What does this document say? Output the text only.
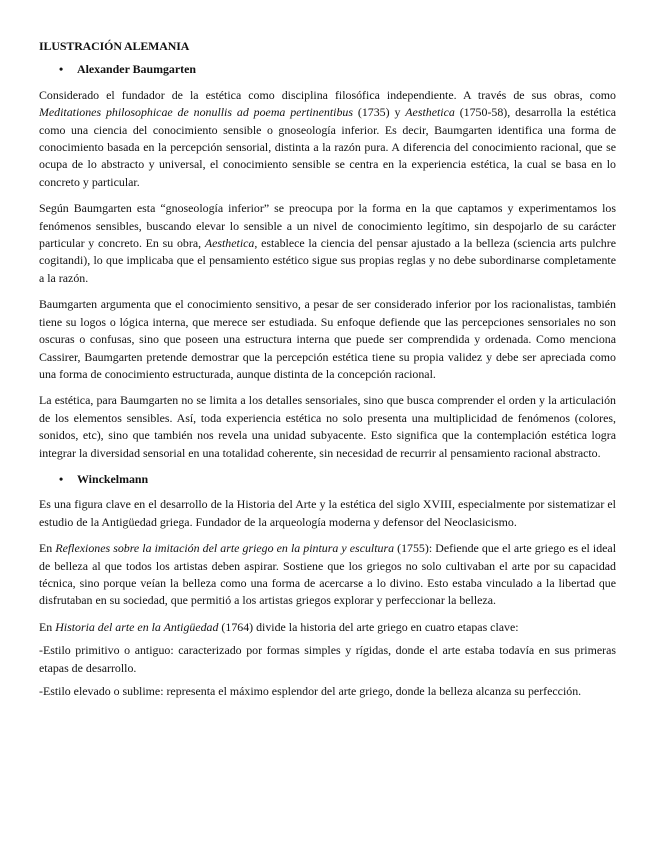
ILUSTRACIÓN ALEMANIA
•	Alexander Baumgarten

Considerado el fundador de la estética como disciplina filosófica independiente. A través de sus obras, como Meditationes philosophicae de nonullis ad poema pertinentibus (1735) y Aesthetica (1750-58), desarrolla la estética como una ciencia del conocimiento sensible o gnoseología inferior. Es decir, Baumgarten identifica una forma de conocimiento basada en la percepción sensorial, distinta a la razón pura. A diferencia del conocimiento racional, que se ocupa de lo abstracto y universal, el conocimiento sensible se centra en la experiencia estética, la cual se basa en lo concreto y particular.

Según Baumgarten esta “gnoseología inferior” se preocupa por la forma en la que captamos y experimentamos los fenómenos sensibles, buscando elevar lo sensible a un nivel de conocimiento legítimo, sin despojarlo de su carácter particular y concreto. En su obra, Aesthetica, establece la ciencia del pensar ajustado a la belleza (sciencia arts pulchre cogitandi), lo que implicaba que el pensamiento estético sigue sus propias reglas y no debe subordinarse completamente a la razón.

Baumgarten argumenta que el conocimiento sensitivo, a pesar de ser considerado inferior por los racionalistas, también tiene su logos o lógica interna, que merece ser estudiada. Su enfoque defiende que las percepciones sensoriales no son oscuras o confusas, sino que poseen una estructura interna que puede ser comprendida y ordenada. Como menciona Cassirer, Baumgarten pretende demostrar que la percepción estética tiene su propia validez y debe ser apreciada como una forma de conocimiento estructurada, aunque distinta de la concepción racional.

La estética, para Baumgarten no se limita a los detalles sensoriales, sino que busca comprender el orden y la articulación de los elementos sensibles. Así, toda experiencia estética no solo presenta una multiplicidad de fenómenos (colores, sonidos, etc), sino que también nos revela una unidad subyacente. Esto significa que la contemplación estética logra integrar la diversidad sensorial en una totalidad coherente, sin necesidad de recurrir al pensamiento racional abstracto.

•	Winckelmann

Es una figura clave en el desarrollo de la Historia del Arte y la estética del siglo XVIII, especialmente por sistematizar el estudio de la Antigüedad griega. Fundador de la arqueología moderna y defensor del Neoclasicismo.

En Reflexiones sobre la imitación del arte griego en la pintura y escultura (1755): Defiende que el arte griego es el ideal de belleza al que todos los artistas deben aspirar. Sostiene que los griegos no solo cultivaban el arte por su capacidad técnica, sino porque veían la belleza como una forma de acercarse a lo divino. Esto estaba vinculado a la libertad que disfrutaban en su sociedad, que permitió a los artistas griegos explorar y perfeccionar la belleza.

En Historia del arte en la Antigüedad (1764) divide la historia del arte griego en cuatro etapas clave:

-Estilo primitivo o antiguo: caracterizado por formas simples y rígidas, donde el arte estaba todavía en sus primeras etapas de desarrollo.

-Estilo elevado o sublime: representa el máximo esplendor del arte griego, donde la belleza alcanza su perfección.
